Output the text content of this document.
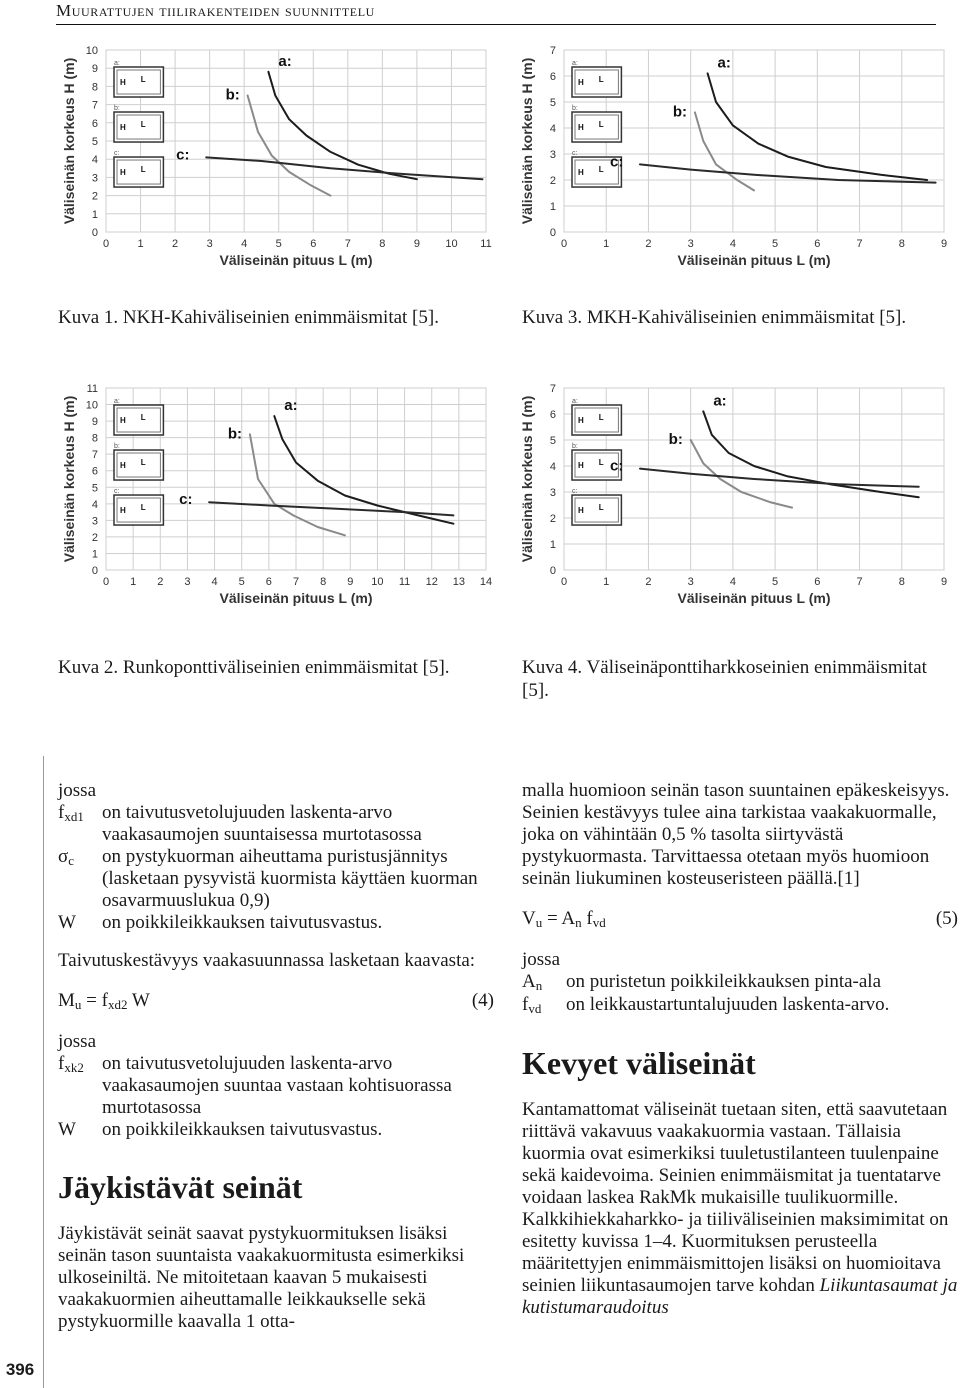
Muurattujen tiilirakenteiden suunnittelu
0	1	2	3	4	5	6	7	8	9 10 11
0
1
2
3
4
5
6
7
8
9
10
Väliseinän pituus L (m)
Väliseinän korkeus H (m)	a:
H L
b:
H L
c:
H L
a:
b:
c:
0	1	2	3	4	5	6	7	8	9
0
1
2
3
4
5
6
7
Väliseinän pituus L (m)
Väliseinän korkeus H (m)	a:
H L
b:
H L
c:
H L
a:
b:
c:
0 1 2 3 4 5 6 7 8 9 10 11 12 13 14
0
1
2
3
4
5
6
7
8
9
10
11
Väliseinän pituus L (m)
Väliseinän korkeus H (m)	a:
H L
b:
H L
c:
H L
a:
b:
c:
0	1	2	3	4	5	6	7	8	9
0
1
2
3
4
5
6
7
Väliseinän pituus L (m)
Väliseinän korkeus H (m)	a:
H L
b:
H L
c:
H L
a:
b:
c:
Kuva 1. NKH-Kahiväliseinien enimmäismitat [5].	Kuva 3. MKH-Kahiväliseinien enimmäismitat [5].
Kuva 2. Runkoponttiväliseinien enimmäismitat [5].	Kuva 4. Väliseinäponttiharkkoseinien enimmäismitat [5].
396

jossa

fxd1 on taivutusvetolujuuden laskenta-arvo vaakasaumojen suuntaisessa murtotasossa
σc	on pystykuorman aiheuttama puristusjännitys (lasketaan pysyvistä kuormista käyttäen kuorman osavarmuuslukua 0,9)
W	on poikkileikkauksen taivutusvastus.

Taivutuskestävyys vaakasuunnassa lasketaan kaavasta:

Mu = fxd2 W	(4)

jossa

fxk2 on taivutusvetolujuuden laskenta-arvo vaakasaumojen suuntaa vastaan kohtisuorassa murtotasossa
W	on poikkileikkauksen taivutusvastus.
Jäykistävät seinät

Jäykistävät seinät saavat pystykuormituksen lisäksi seinän tason suuntaista vaakakuormitusta esimerkiksi ulkoseiniltä. Ne mitoitetaan kaavan 5 mukaisesti vaakakuormien aiheuttamalle leikkaukselle sekä pystykuormille kaavalla 1 otta-

malla huomioon seinän tason suuntainen epäkeskeisyys. Seinien kestävyys tulee aina tarkistaa vaakakuormalle, joka on vähintään 0,5 % tasolta siirtyvästä pystykuormasta. Tarvittaessa otetaan myös huomioon seinän liukuminen kosteuseristeen päällä.[1]

Vu = An fvd	(5)

jossa

An	on puristetun poikkileikkauksen pinta-ala
fvd	on leikkaustartuntalujuuden laskenta-arvo.
Kevyet väliseinät

Kantamattomat väliseinät tuetaan siten, että saavutetaan riittävä vakavuus vaakakuormia vastaan. Tällaisia kuormia ovat esimerkiksi tuuletustilanteen tuulenpaine sekä kaidevoima. Seinien enimmäismitat ja tuentatarve voidaan laskea RakMk mukaisille tuulikuormille. Kalkkihiekkaharkko- ja tiiliväliseinien maksimimitat on esitetty kuvissa 1–4. Kuormituksen perusteella määritettyjen enimmäismittojen lisäksi on huomioitava seinien liikuntasaumojen tarve kohdan Liikuntasaumat ja kutistumaraudoitus
